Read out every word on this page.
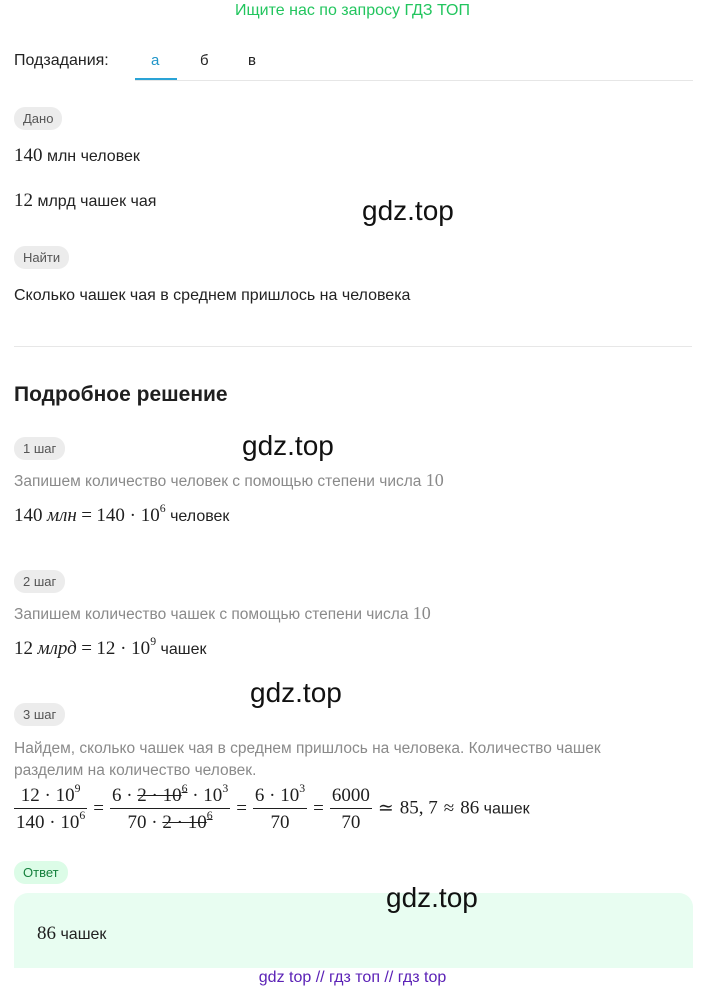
Ищите нас по запросу ГДЗ ТОП
Подзадания:	а	б	в
Дано
140 млн человек
12 млрд чашек чая
Найти
Сколько чашек чая в среднем пришлось на человека
Подробное решение
1 шаг
Запишем количество человек с помощью степени числа 10
140 млн = $140 \cdot 10^6$ человек
2 шаг
Запишем количество чашек с помощью степени числа 10
12 млрд = $12 \cdot 10^9$ чашек
3 шаг
Найдем, сколько чашек чая в среднем пришлось на человека. Количество чашек
разделим на количество человек.
$\frac{12 \cdot 10^9}{140 \cdot 10^6} = \frac{6 \cdot 2 \cdot 10^6 \cdot 10^3}{70 \cdot 2 \cdot 10^6} = \frac{6 \cdot 10^3}{70} = \frac{6000}{70}$ ≃ 85, 7 ≈ 86 чашек
Ответ
86 чашек
gdz.top
gdz.top
gdz.top
gdz.top
gdz top // гдз топ // гдз top
